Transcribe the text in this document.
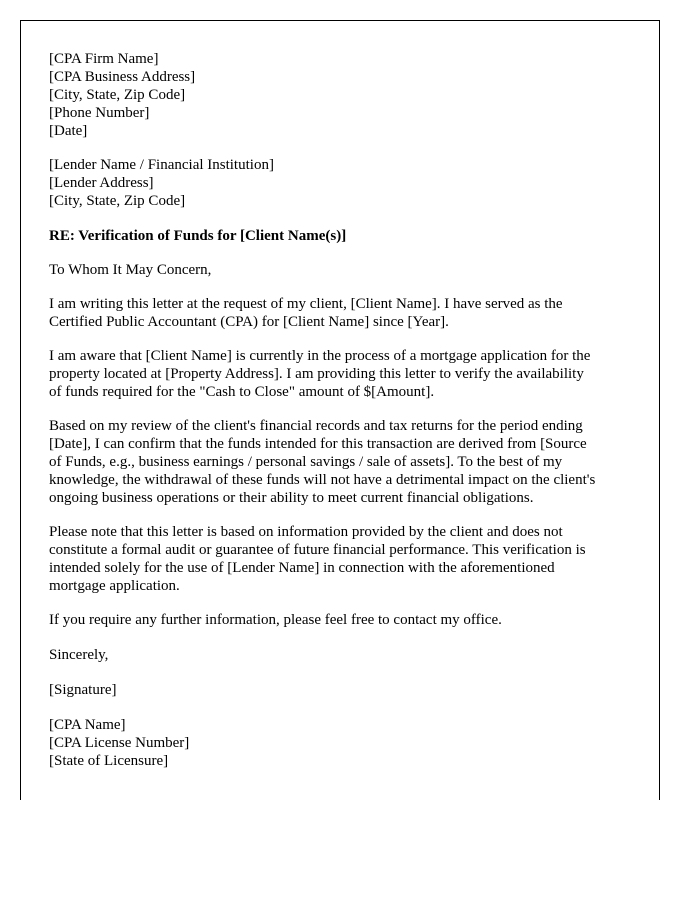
[CPA Firm Name]
[CPA Business Address]
[City, State, Zip Code]
[Phone Number]
[Date]
[Lender Name / Financial Institution]
[Lender Address]
[City, State, Zip Code]
RE: Verification of Funds for [Client Name(s)]
To Whom It May Concern,
I am writing this letter at the request of my client, [Client Name]. I have served as the
Certified Public Accountant (CPA) for [Client Name] since [Year].
I am aware that [Client Name] is currently in the process of a mortgage application for the
property located at [Property Address]. I am providing this letter to verify the availability
of funds required for the "Cash to Close" amount of $[Amount].
Based on my review of the client's financial records and tax returns for the period ending
[Date], I can confirm that the funds intended for this transaction are derived from [Source
of Funds, e.g., business earnings / personal savings / sale of assets]. To the best of my
knowledge, the withdrawal of these funds will not have a detrimental impact on the client's
ongoing business operations or their ability to meet current financial obligations.
Please note that this letter is based on information provided by the client and does not
constitute a formal audit or guarantee of future financial performance. This verification is
intended solely for the use of [Lender Name] in connection with the aforementioned
mortgage application.
If you require any further information, please feel free to contact my office.
Sincerely,
[Signature]
[CPA Name]
[CPA License Number]
[State of Licensure]
